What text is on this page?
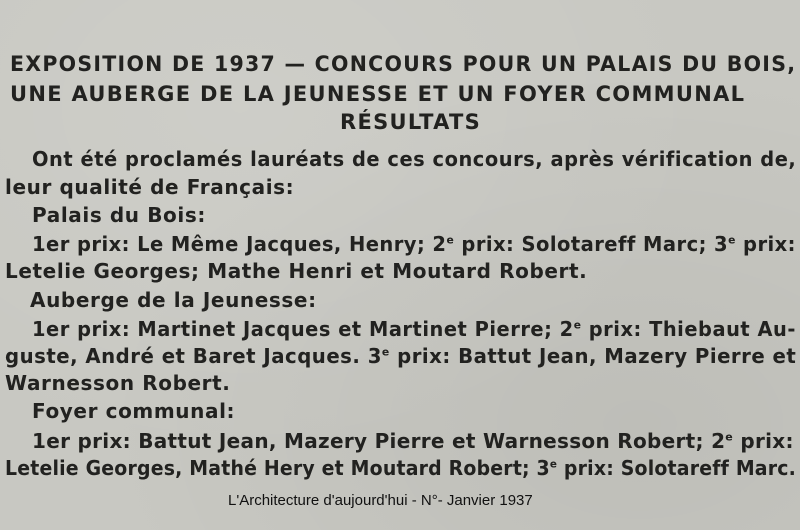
EXPOSITION DE 1937 — CONCOURS POUR UN PALAIS DU BOIS,
UNE AUBERGE DE LA JEUNESSE ET UN FOYER COMMUNAL
RÉSULTATS
Ont été proclamés lauréats de ces concours, après vérification de,
leur qualité de Français:
Palais du Bois:
1er prix: Le Même Jacques, Henry; 2e prix: Solotareff Marc; 3e prix:
Letelie Georges; Mathe Henri et Moutard Robert.
Auberge de la Jeunesse:
1er prix: Martinet Jacques et Martinet Pierre; 2e prix: Thiebaut Au-
guste, André et Baret Jacques. 3e prix: Battut Jean, Mazery Pierre et
Warnesson Robert.
Foyer communal:
1er prix: Battut Jean, Mazery Pierre et Warnesson Robert; 2e prix:
Letelie Georges, Mathé Hery et Moutard Robert; 3e prix: Solotareff Marc.
L'Architecture d'aujourd'hui - N°- Janvier 1937
